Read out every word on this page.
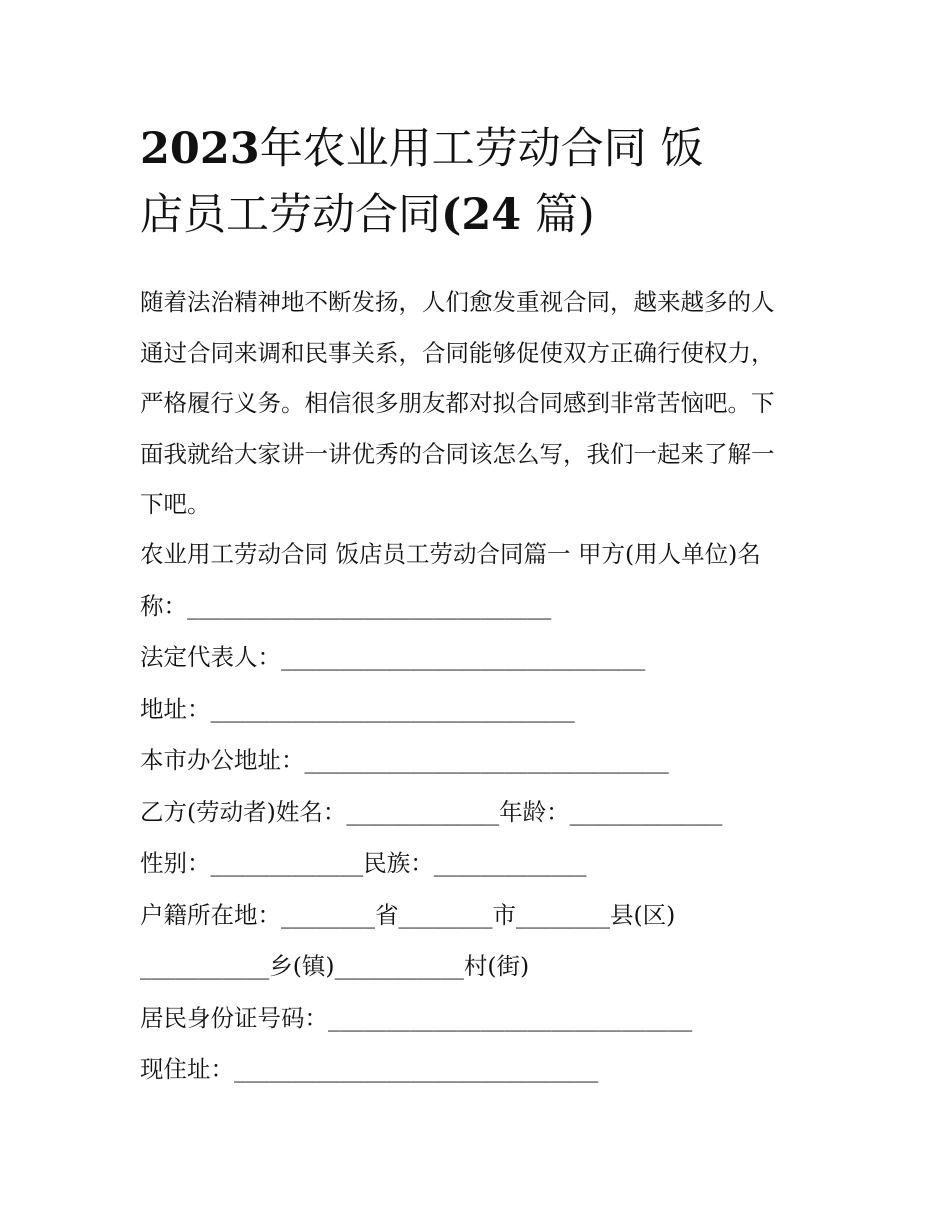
2023年农业用工劳动合同 饭
店员工劳动合同(24 篇)

随着法治精神地不断发扬，人们愈发重视合同，越来越多的人
通过合同来调和民事关系，合同能够促使双方正确行使权力，
严格履行义务。相信很多朋友都对拟合同感到非常苦恼吧。下
面我就给大家讲一讲优秀的合同该怎么写，我们一起来了解一
下吧。

农业用工劳动合同 饭店员工劳动合同篇一 甲方(用人单位)名
称：_______________________________
法定代表人：_______________________________
地址：_______________________________
本市办公地址：_______________________________
乙方(劳动者)姓名：_____________年龄：_____________
性别：_____________民族：_____________
户籍所在地：________省________市________县(区)
___________乡(镇)___________村(街)
居民身份证号码：_______________________________
现住址：_______________________________
